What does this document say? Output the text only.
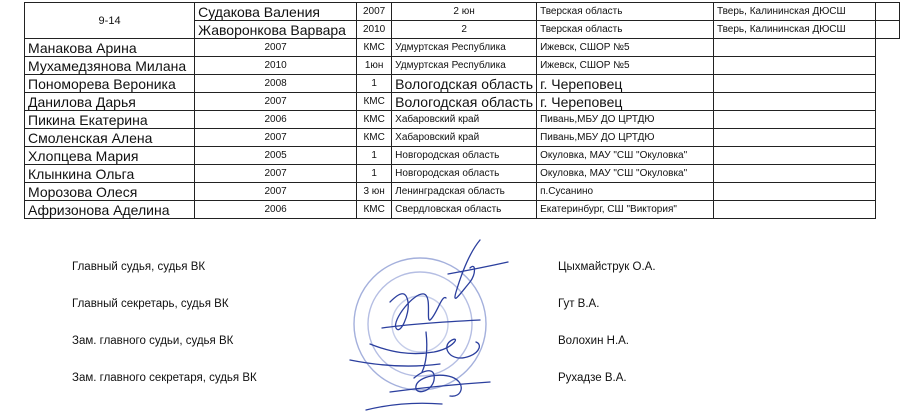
9-14	Судакова Валения	2007	2 юн	Тверская область	Тверь, Калининская ДЮСШ	
	Жаворонкова Варвара	2010	2	Тверская область	Тверь, Калининская ДЮСШ	
Манакова Арина	2007	КМС	Удмуртская Республика	Ижевск, СШОР №5		
Мухамедзянова Милана	2010	1юн	Удмуртская Республика	Ижевск, СШОР №5		
Пономорева Вероника	2008	1	Вологодская область	г. Череповец		
Данилова Дарья	2007	КМС	Вологодская область	г. Череповец		
Пикина Екатерина	2006	КМС	Хабаровский край	Пивань,МБУ ДО ЦРТДЮ		
Смоленская Алена	2007	КМС	Хабаровский край	Пивань,МБУ ДО ЦРТДЮ		
Хлопцева Мария	2005	1	Новгородская область	Окуловка, МАУ "СШ "Окуловка"		
Клынкина Ольга	2007	1	Новгородская область	Окуловка, МАУ "СШ "Окуловка"		
Морозова Олеся	2007	3 юн	Ленинградская область	п.Сусанино		
Афризонова Аделина	2006	КМС	Свердловская область	Екатеринбург, СШ "Виктория"		
Главный судья, судья ВК
Главный секретарь, судья ВК
Зам. главного судьи, судья ВК
Зам. главного секретаря, судья ВК
Цыхмайструк О.А.
Гут В.А.
Волохин Н.А.
Рухадзе В.А.
